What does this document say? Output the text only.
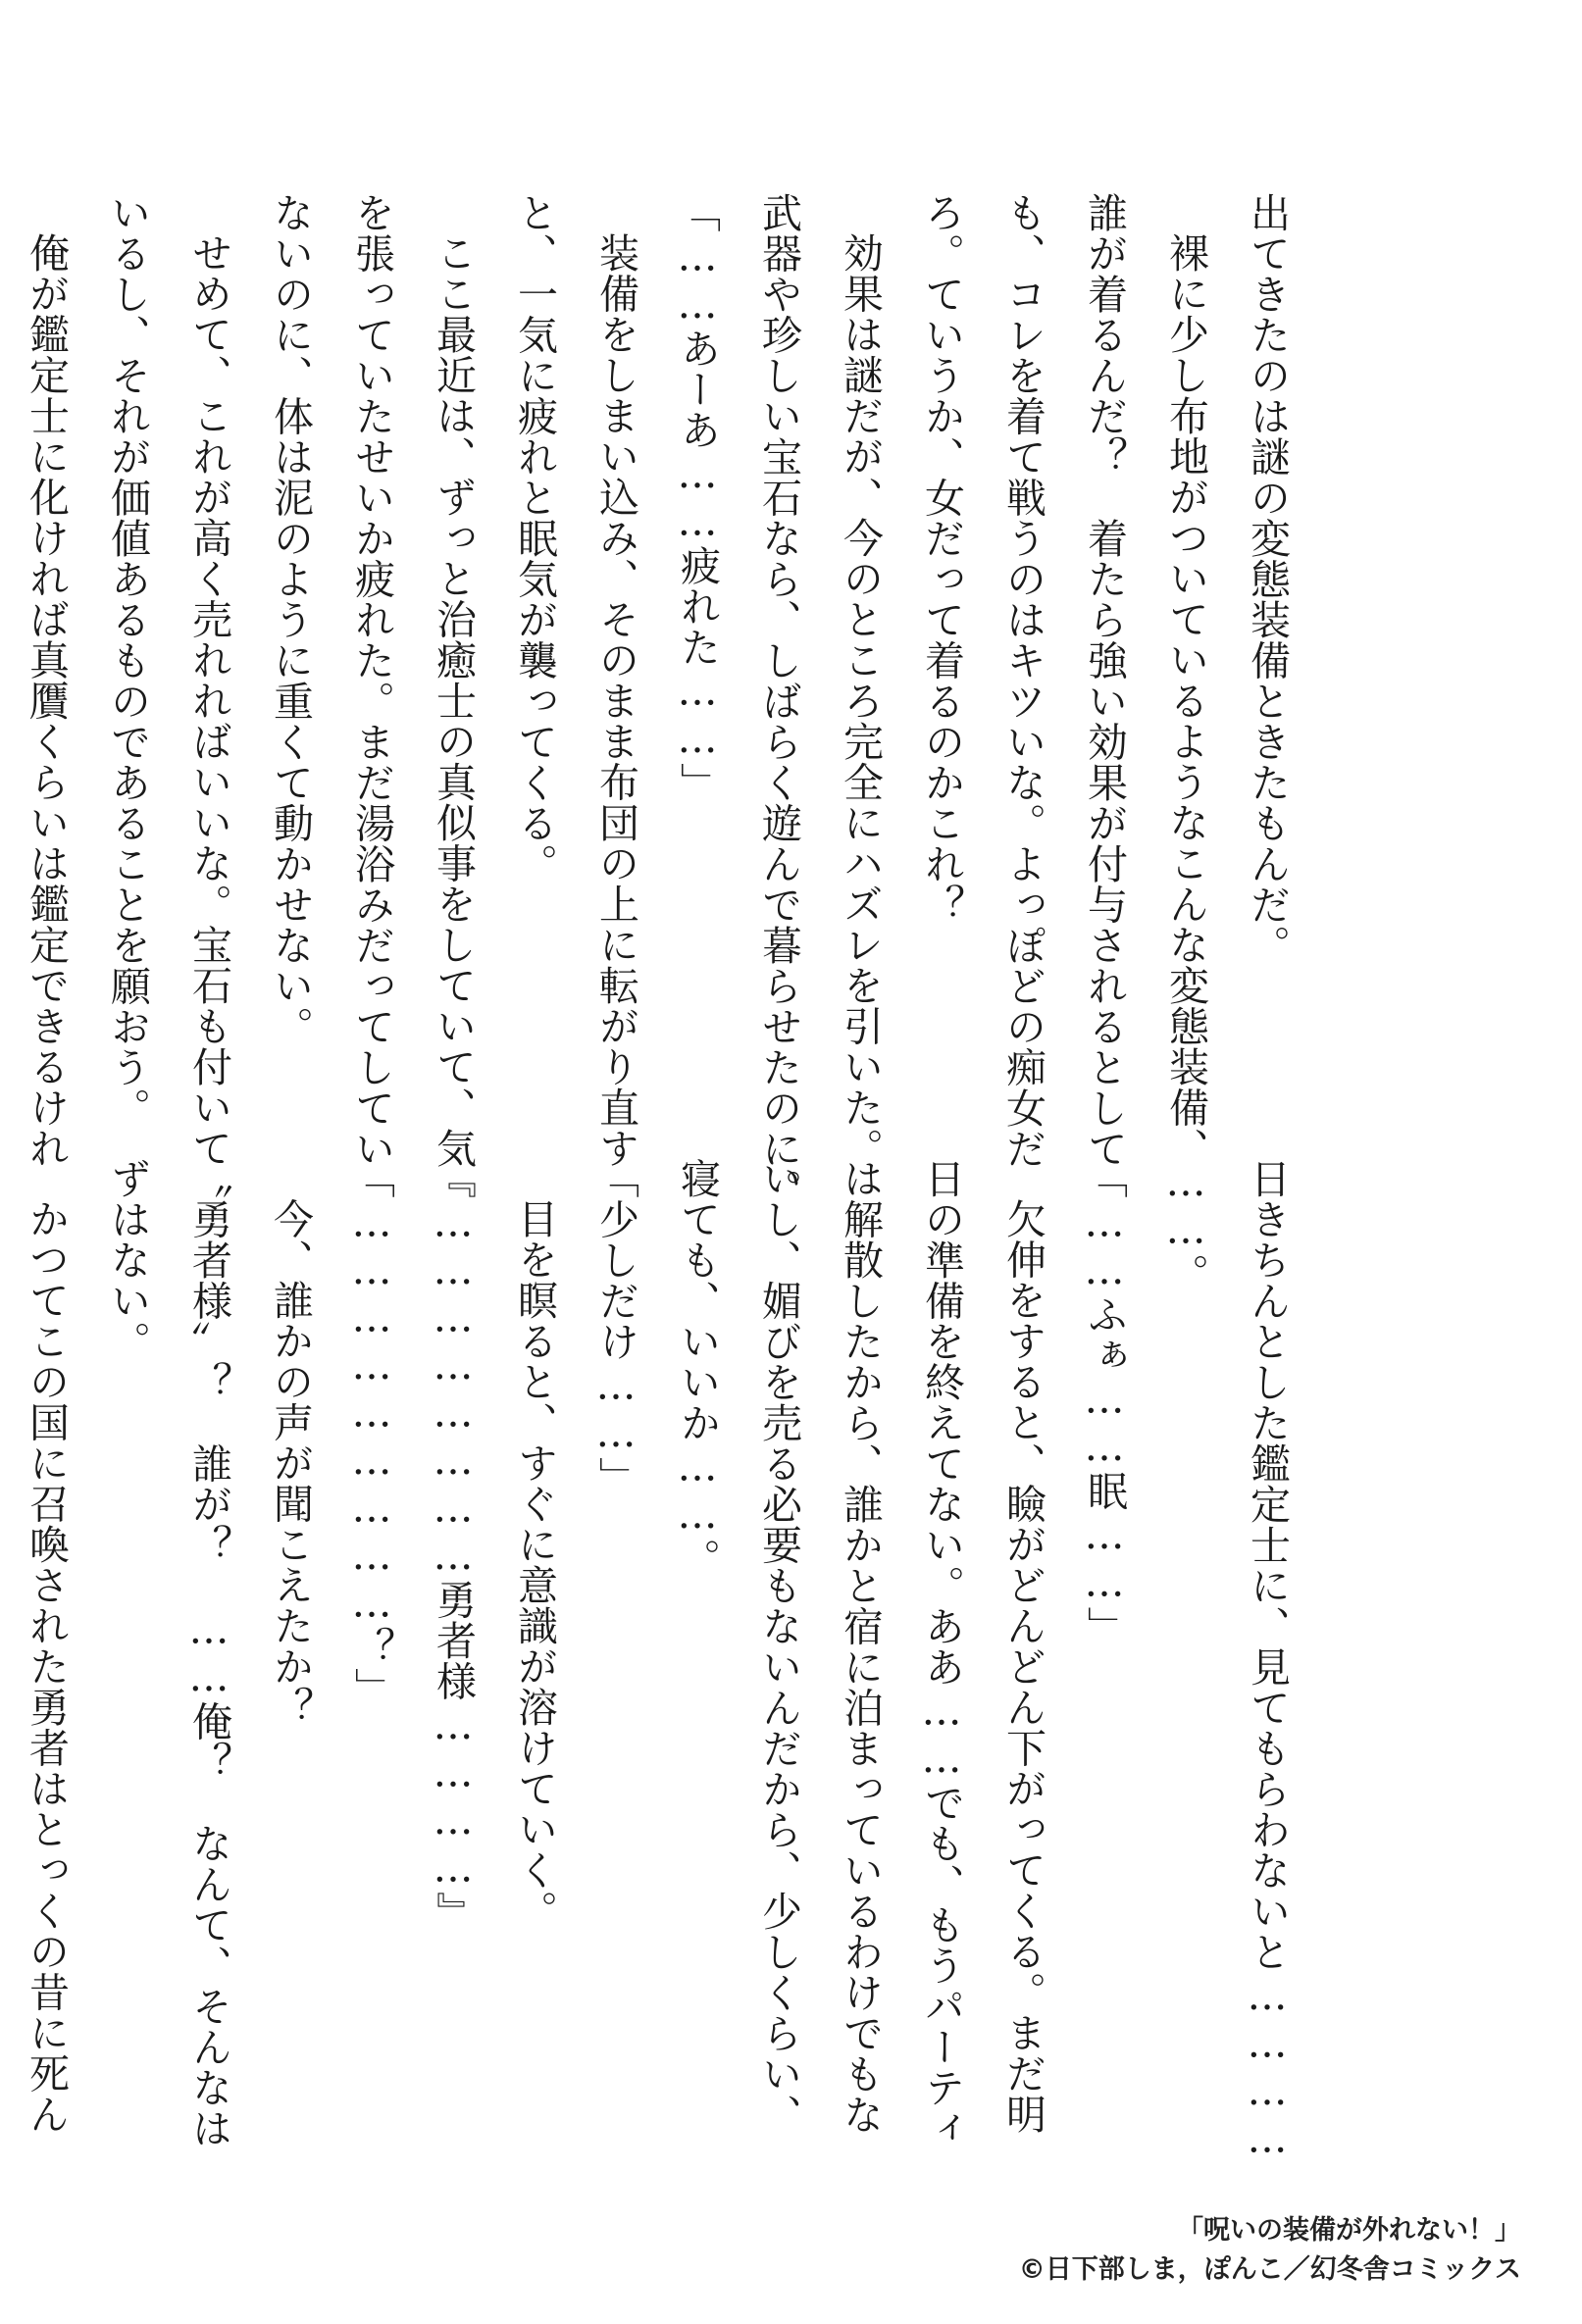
出てきたのは謎の変態装備ときたもんだ。
裸に少し布地がついているようなこんな変態装備、
誰が着るんだ？　着たら強い効果が付与されるとして
も、コレを着て戦うのはキツいな。よっぽどの痴女だ
ろ。ていうか、女だって着るのかこれ？
効果は謎だが、今のところ完全にハズレを引いた。
武器や珍しい宝石なら、しばらく遊んで暮らせたのに。
「……あーあ……疲れた……」
装備をしまい込み、そのまま布団の上に転がり直す
と、一気に疲れと眠気が襲ってくる。
ここ最近は、ずっと治癒士の真似事をしていて、気
を張っていたせいか疲れた。まだ湯浴みだってしてい
ないのに、体は泥のように重くて動かせない。
せめて、これが高く売れればいいな。宝石も付いて
いるし、それが価値あるものであることを願おう。
俺が鑑定士に化ければ真贋くらいは鑑定できるけれ
日きちんとした鑑定士に、見てもらわないと…………
……。
「……ふぁ……眠……」
欠伸をすると、瞼がどんどん下がってくる。まだ明
日の準備を終えてない。ああ……でも、もうパーティ
は解散したから、誰かと宿に泊まっているわけでもな
いし、媚びを売る必要もないんだから、少しくらい、
寝ても、いいか……。
「少しだけ……」
目を瞑ると、すぐに意識が溶けていく。
『……………………勇者様…………』
「………………………？」
今、誰かの声が聞こえたか？
〝勇者様〟？　誰が？　……俺？　なんて、そんなは
ずはない。
かつてこの国に召喚された勇者はとっくの昔に死ん
「呪いの装備が外れない！」
©日下部しま，ぽんこ／幻冬舎コミックス
